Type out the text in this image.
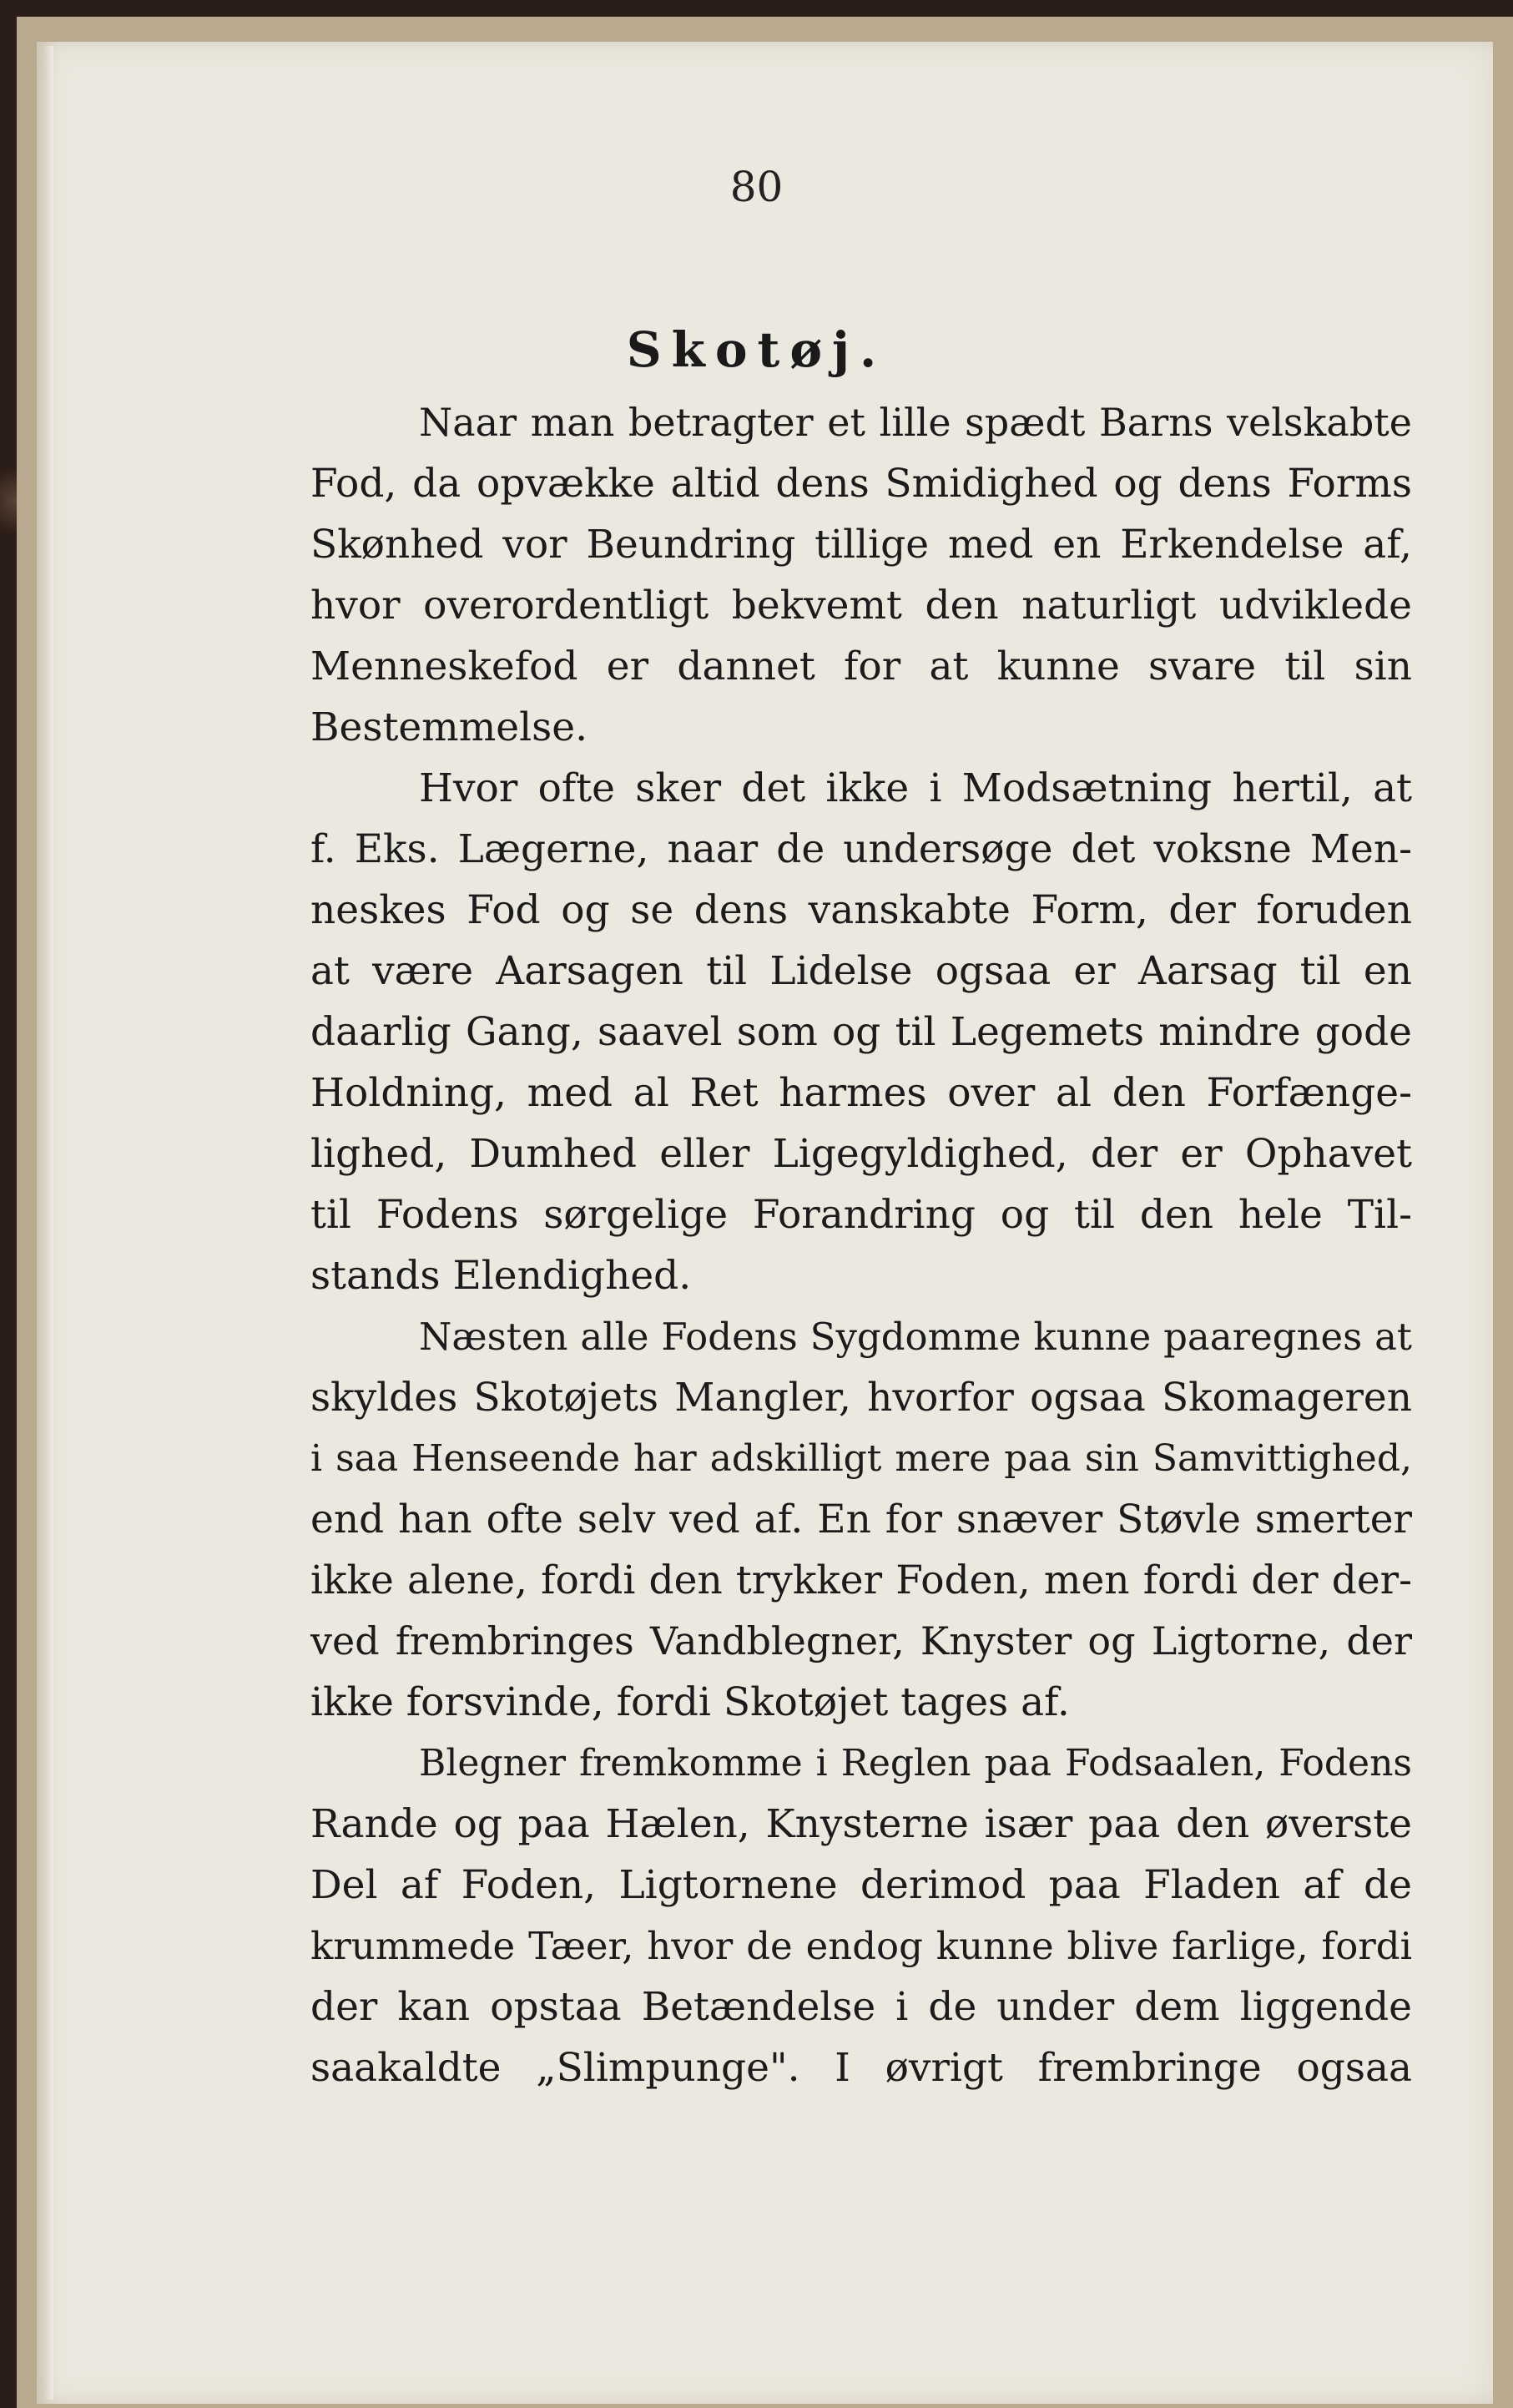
80
Skotøj.
Naar man betragter et lille spædt Barns velskabte
Fod, da opvække altid dens Smidighed og dens Forms
Skønhed vor Beundring tillige med en Erkendelse af,
hvor overordentligt bekvemt den naturligt udviklede
Menneskefod er dannet for at kunne svare til sin
Bestemmelse.
Hvor ofte sker det ikke i Modsætning hertil, at
f. Eks. Lægerne, naar de undersøge det voksne Men-
neskes Fod og se dens vanskabte Form, der foruden
at være Aarsagen til Lidelse ogsaa er Aarsag til en
daarlig Gang, saavel som og til Legemets mindre gode
Holdning, med al Ret harmes over al den Forfænge-
lighed, Dumhed eller Ligegyldighed, der er Ophavet
til Fodens sørgelige Forandring og til den hele Til-
stands Elendighed.
Næsten alle Fodens Sygdomme kunne paaregnes at
skyldes Skotøjets Mangler, hvorfor ogsaa Skomageren
i saa Henseende har adskilligt mere paa sin Samvittighed,
end han ofte selv ved af. En for snæver Støvle smerter
ikke alene, fordi den trykker Foden, men fordi der der-
ved frembringes Vandblegner, Knyster og Ligtorne, der
ikke forsvinde, fordi Skotøjet tages af.
Blegner fremkomme i Reglen paa Fodsaalen, Fodens
Rande og paa Hælen, Knysterne især paa den øverste
Del af Foden, Ligtornene derimod paa Fladen af de
krummede Tæer, hvor de endog kunne blive farlige, fordi
der kan opstaa Betændelse i de under dem liggende
saakaldte „Slimpunge". I øvrigt frembringe ogsaa
